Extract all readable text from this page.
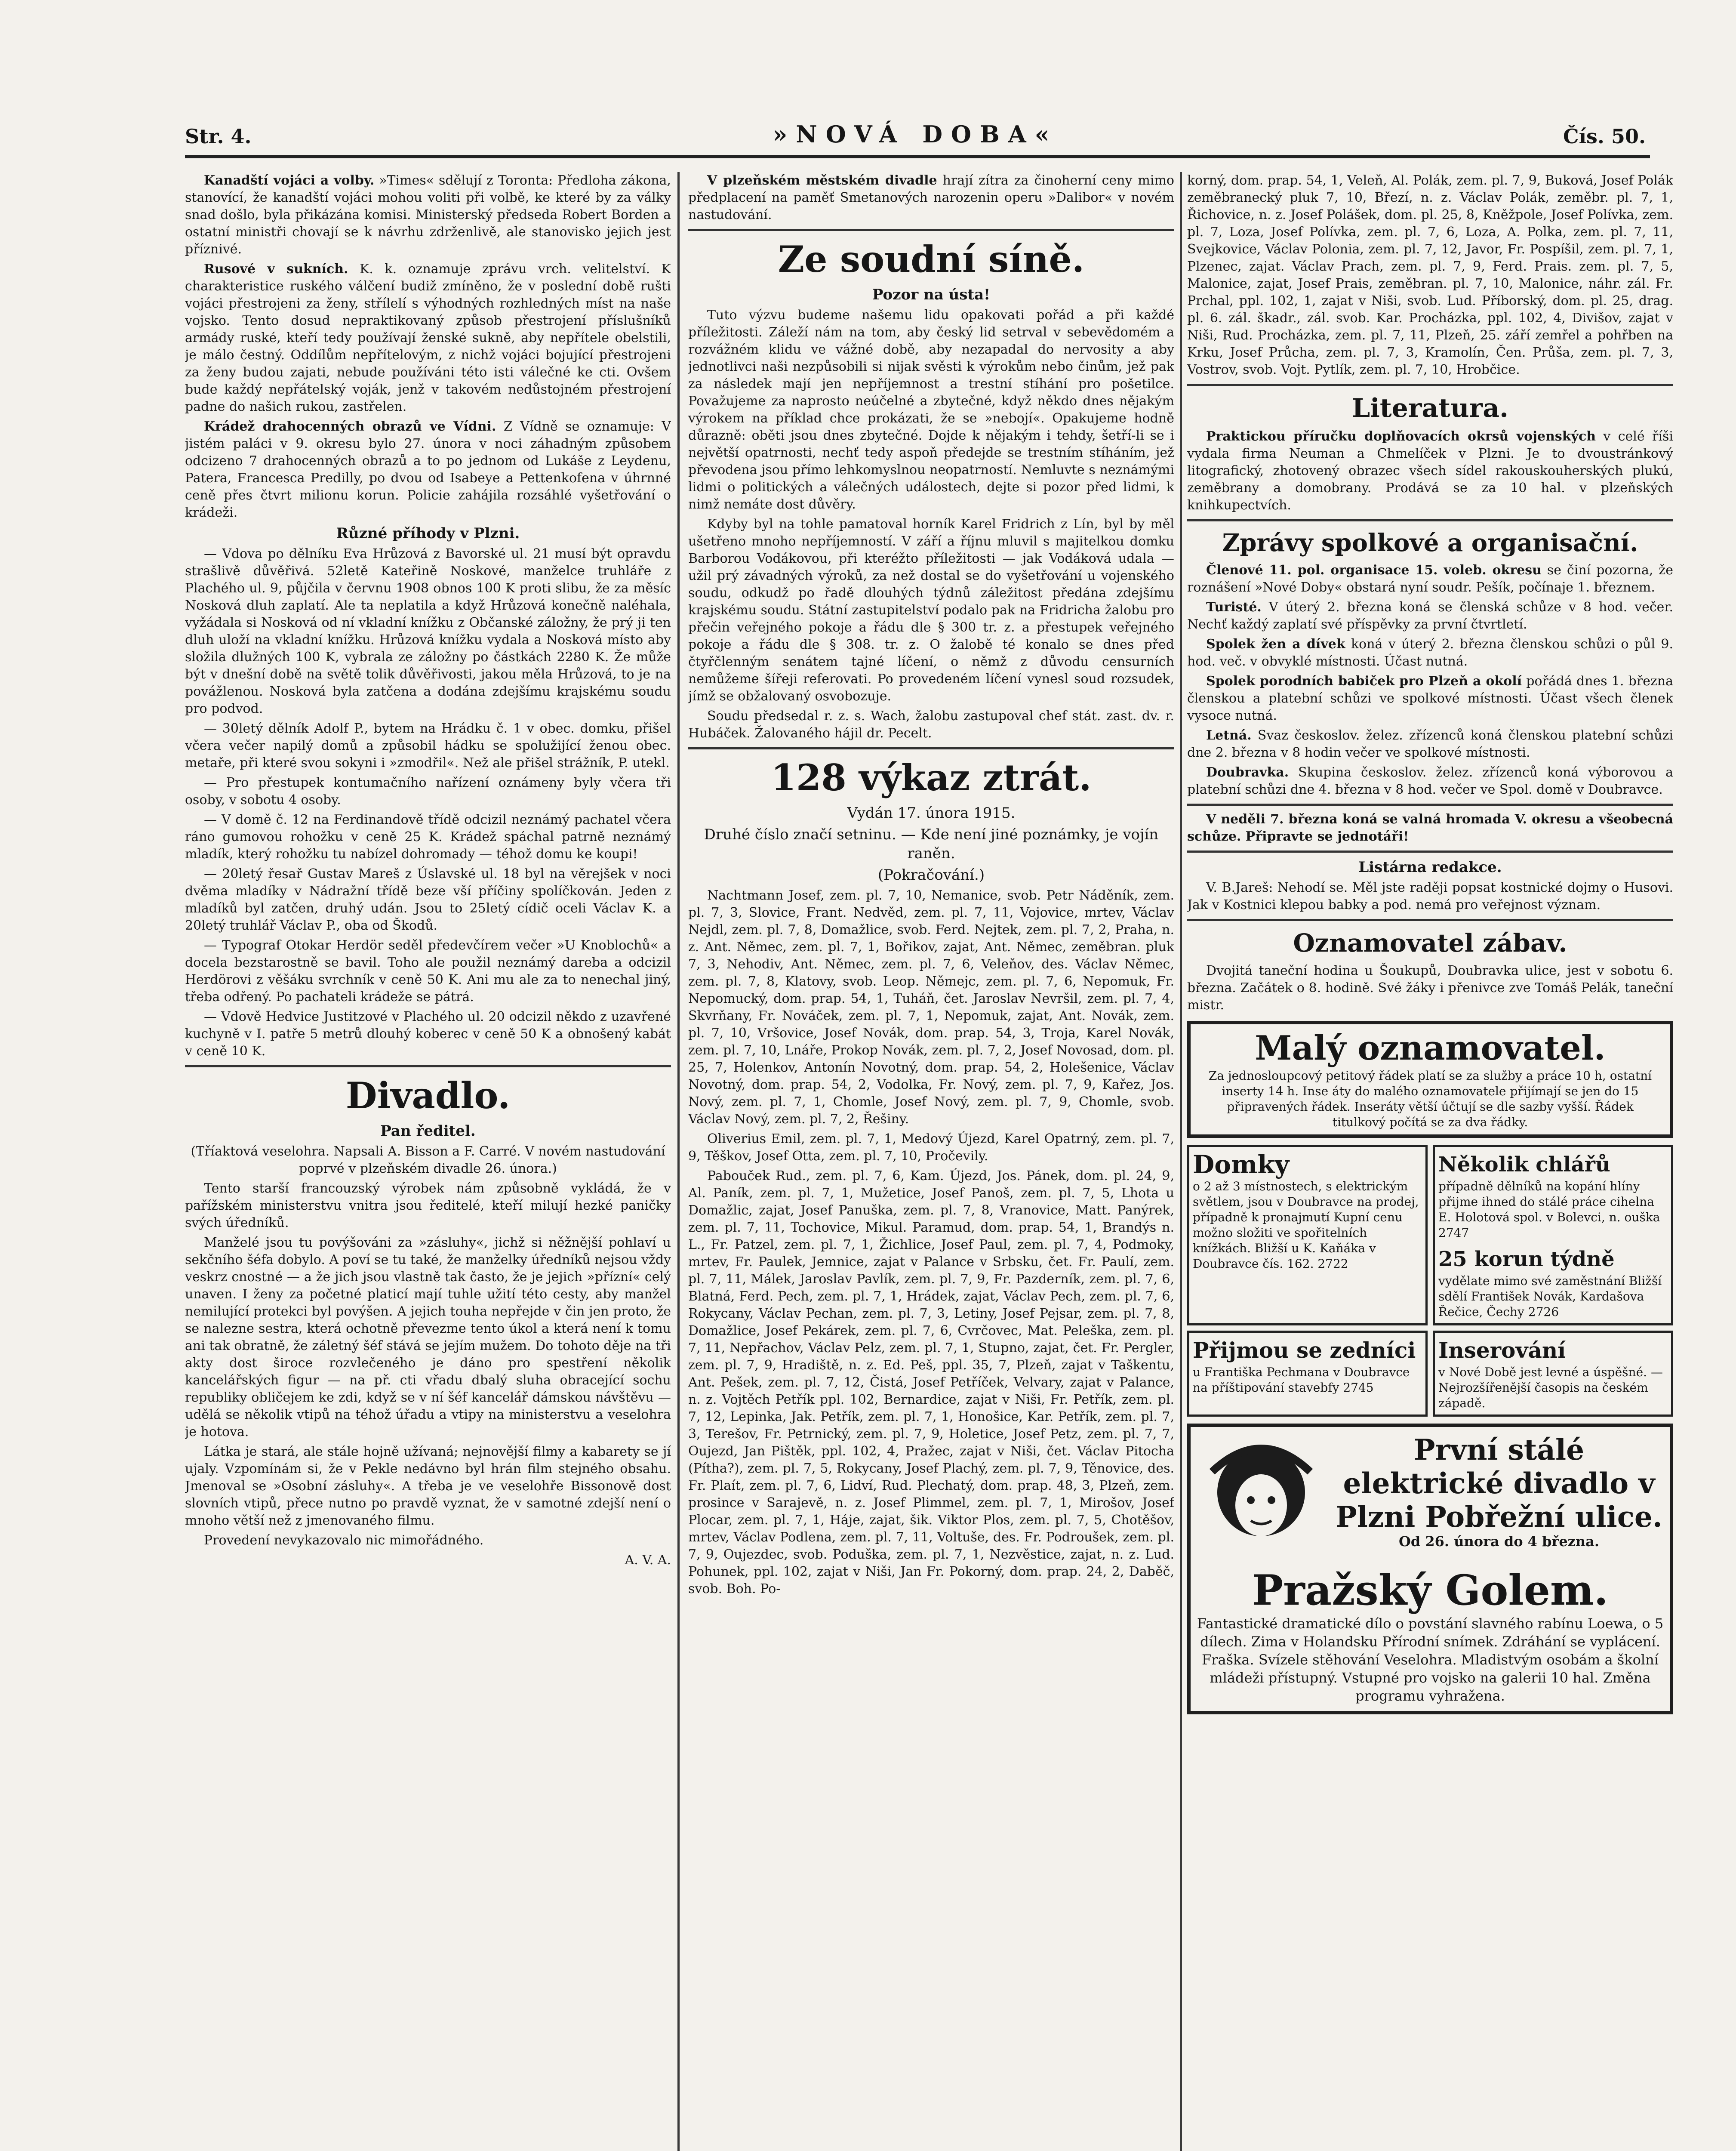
Str. 4.	»NOVÁ DOBA«	Čís. 50.

Kanadští vojáci a volby. »Times« sdělují z Toronta: Předloha zákona, stanovící, že kanadští vojáci mohou voliti při volbě, ke které by za války snad došlo, byla přikázána komisi. Ministerský předseda Robert Borden a ostatní ministři chovají se k návrhu zdrženlivě, ale stanovisko jejich jest příznivé.

Rusové v sukních. K. k. oznamuje zprávu vrch. velitelství. K charakteristice ruského válčení budiž zmíněno, že v poslední době rušti vojáci přestrojeni za ženy, střílelí s výhodných rozhledných míst na naše vojsko. Tento dosud nepraktikovaný způsob přestrojení příslušníků armády ruské, kteří tedy používají ženské sukně, aby nepřítele obelstili, je málo čestný. Oddílům nepřítelovým, z nichž vojáci bojující přestrojeni za ženy budou zajati, nebude používáni této isti válečné ke cti. Ovšem bude každý nepřátelský voják, jenž v takovém nedůstojném přestrojení padne do našich rukou, zastřelen.

Krádež drahocenných obrazů ve Vídni. Z Vídně se oznamuje: V jistém paláci v 9. okresu bylo 27. února v noci záhadným způsobem odcizeno 7 drahocenných obrazů a to po jednom od Lukáše z Leydenu, Patera, Francesca Predilly, po dvou od Isabeye a Pettenkofena v úhrnné ceně přes čtvrt milionu korun. Policie zahájila rozsáhlé vyšetřování o krádeži.

Různé příhody v Plzni.

— Vdova po dělníku Eva Hrůzová z Bavorské ul. 21 musí být opravdu strašlivě důvěřivá. 52letě Kateřině Noskové, manželce truhláře z Plachého ul. 9, půjčila v červnu 1908 obnos 100 K proti slibu, že za měsíc Nosková dluh zaplatí. Ale ta neplatila a když Hrůzová konečně naléhala, vyžádala si Nosková od ní vkladní knížku z Občanské záložny, že prý ji ten dluh uloží na vkladní knížku. Hrůzová knížku vydala a Nosková místo aby složila dlužných 100 K, vybrala ze záložny po částkách 2280 K. Že může být v dnešní době na světě tolik důvěřivosti, jakou měla Hrůzová, to je na povážlenou. Nosková byla zatčena a dodána zdejšímu krajskému soudu pro podvod.

— 30letý dělník Adolf P., bytem na Hrádku č. 1 v obec. domku, přišel včera večer napilý domů a způsobil hádku se spolužijící ženou obec. metaře, při které svou sokyni i »zmodřil«. Než ale přišel strážník, P. utekl.

— Pro přestupek kontumačního nařízení oznámeny byly včera tři osoby, v sobotu 4 osoby.

— V domě č. 12 na Ferdinandově třídě odcizil neznámý pachatel včera ráno gumovou rohožku v ceně 25 K. Krádež spáchal patrně neznámý mladík, který rohožku tu nabízel dohromady — téhož domu ke koupi!

— 20letý řesař Gustav Mareš z Úslavské ul. 18 byl na věrejšek v noci dvěma mladíky v Nádražní třídě beze vší příčiny spolíčkován. Jeden z mladíků byl zatčen, druhý udán. Jsou to 25letý cídič oceli Václav K. a 20letý truhlář Václav P., oba od Škodů.

— Typograf Otokar Herdör seděl předevčírem večer »U Knoblochů« a docela bezstarostně se bavil. Toho ale použil neznámý dareba a odcizil Herdörovi z věšáku svrchník v ceně 50 K. Ani mu ale za to nenechal jiný, třeba odřený. Po pachateli krádeže se pátrá.

— Vdově Hedvice Justitzové v Plachého ul. 20 odcizil někdo z uzavřené kuchyně v I. patře 5 metrů dlouhý koberec v ceně 50 K a obnošený kabát v ceně 10 K.

Divadlo.
Pan ředitel.

(Tříaktová veselohra. Napsali A. Bisson a F. Carré. V novém nastudování poprvé v plzeňském divadle 26. února.)

Tento starší francouzský výrobek nám způsobně vykládá, že v pařížském ministerstvu vnitra jsou ředitelé, kteří milují hezké paničky svých úředníků.

Manželé jsou tu povýšováni za »zásluhy«, jichž si něžnější pohlaví u sekčního šéfa dobylo. A poví se tu také, že manželky úředníků nejsou vždy veskrz cnostné — a že jich jsou vlastně tak často, že je jejich »přízní« celý unaven. I ženy za početné platicí mají tuhle užití této cesty, aby manžel nemilující protekci byl povýšen. A jejich touha nepřejde v čin jen proto, že se nalezne sestra, která ochotně převezme tento úkol a která není k tomu ani tak obratně, že záletný šéf stává se jejím mužem. Do tohoto děje na tři akty dost široce rozvlečeného je dáno pro spestření několik kancelářských figur — na př. cti vřadu dbalý sluha obracející sochu republiky obličejem ke zdi, když se v ní šéf kancelář dámskou návštěvu — udělá se několik vtipů na téhož úřadu a vtipy na ministerstvu a veselohra je hotova.

Látka je stará, ale stále hojně užívaná; nejnovější filmy a kabarety se jí ujaly. Vzpomínám si, že v Pekle nedávno byl hrán film stejného obsahu. Jmenoval se »Osobní zásluhy«. A třeba je ve veselohře Bissonově dost slovních vtipů, přece nutno po pravdě vyznat, že v samotné zdejší není o mnoho větší než z jmenovaného filmu.

Provedení nevykazovalo nic mimořádného.

A. V. A.

V plzeňském městském divadle hrají zítra za činoherní ceny mimo předplacení na paměť Smetanových narozenin operu »Dalibor« v novém nastudování.

Ze soudní síně.
Pozor na ústa!

Tuto výzvu budeme našemu lidu opakovati pořád a při každé příležitosti. Záleží nám na tom, aby český lid setrval v sebevědomém a rozvážném klidu ve vážné době, aby nezapadal do nervosity a aby jednotlivci naši nezpůsobili si nijak svěsti k výrokům nebo činům, jež pak za následek mají jen nepříjemnost a trestní stíhání pro pošetilce. Považujeme za naprosto neúčelné a zbytečné, když někdo dnes nějakým výrokem na příklad chce prokázati, že se »nebojí«. Opakujeme hodně důrazně: oběti jsou dnes zbytečné. Dojde k nějakým i tehdy, šetří-li se i největší opatrnosti, nechť tedy aspoň předejde se trestním stíháním, jež převodena jsou přímo lehkomyslnou neopatrností. Nemluvte s neznámými lidmi o politických a válečných událostech, dejte si pozor před lidmi, k nimž nemáte dost důvěry.

Kdyby byl na tohle pamatoval horník Karel Fridrich z Lín, byl by měl ušetřeno mnoho nepříjemností. V září a říjnu mluvil s majitelkou domku Barborou Vodákovou, při kteréžto příležitosti — jak Vodáková udala — užil prý závadných výroků, za než dostal se do vyšetřování u vojenského soudu, odkudž po řadě dlouhých týdnů záležitost předána zdejšímu krajskému soudu. Státní zastupitelství podalo pak na Fridricha žalobu pro přečin veřejného pokoje a řádu dle § 300 tr. z. a přestupek veřejného pokoje a řádu dle § 308. tr. z. O žalobě té konalo se dnes před čtyřčlenným senátem tajné líčení, o němž z důvodu censurních nemůžeme šířeji referovati. Po provedeném líčení vynesl soud rozsudek, jímž se obžalovaný osvobozuje.

Soudu předsedal r. z. s. Wach, žalobu zastupoval chef stát. zast. dv. r. Hubáček. Žalovaného hájil dr. Pecelt.

128 výkaz ztrát.
Vydán 17. února 1915.
Druhé číslo značí setninu. — Kde není jiné poznámky, je vojín raněn.
(Pokračování.)

Nachtmann Josef, zem. pl. 7, 10, Nemanice, svob. Petr Náděník, zem. pl. 7, 3, Slovice, Frant. Nedvěd, zem. pl. 7, 11, Vojovice, mrtev, Václav Nejdl, zem. pl. 7, 8, Domažlice, svob. Ferd. Nejtek, zem. pl. 7, 2, Praha, n. z. Ant. Němec, zem. pl. 7, 1, Bořikov, zajat, Ant. Němec, zeměbran. pluk 7, 3, Nehodiv, Ant. Němec, zem. pl. 7, 6, Veleňov, des. Václav Němec, zem. pl. 7, 8, Klatovy, svob. Leop. Němejc, zem. pl. 7, 6, Nepomuk, Fr. Nepomucký, dom. prap. 54, 1, Tuháň, čet. Jaroslav Nevršil, zem. pl. 7, 4, Skvrňany, Fr. Nováček, zem. pl. 7, 1, Nepomuk, zajat, Ant. Novák, zem. pl. 7, 10, Vršovice, Josef Novák, dom. prap. 54, 3, Troja, Karel Novák, zem. pl. 7, 10, Lnáře, Prokop Novák, zem. pl. 7, 2, Josef Novosad, dom. pl. 25, 7, Holenkov, Antonín Novotný, dom. prap. 54, 2, Holešenice, Václav Novotný, dom. prap. 54, 2, Vodolka, Fr. Nový, zem. pl. 7, 9, Kařez, Jos. Nový, zem. pl. 7, 1, Chomle, Josef Nový, zem. pl. 7, 9, Chomle, svob. Václav Nový, zem. pl. 7, 2, Řešiny.

Oliverius Emil, zem. pl. 7, 1, Medový Újezd, Karel Opatrný, zem. pl. 7, 9, Těškov, Josef Otta, zem. pl. 7, 10, Pročevily.

Pabouček Rud., zem. pl. 7, 6, Kam. Újezd, Jos. Pánek, dom. pl. 24, 9, Al. Paník, zem. pl. 7, 1, Mužetice, Josef Panoš, zem. pl. 7, 5, Lhota u Domažlic, zajat, Josef Panuška, zem. pl. 7, 8, Vranovice, Matt. Panýrek, zem. pl. 7, 11, Tochovice, Mikul. Paramud, dom. prap. 54, 1, Brandýs n. L., Fr. Patzel, zem. pl. 7, 1, Žichlice, Josef Paul, zem. pl. 7, 4, Podmoky, mrtev, Fr. Paulek, Jemnice, zajat v Palance v Srbsku, čet. Fr. Paulí, zem. pl. 7, 11, Málek, Jaroslav Pavlík, zem. pl. 7, 9, Fr. Pazderník, zem. pl. 7, 6, Blatná, Ferd. Pech, zem. pl. 7, 1, Hrádek, zajat, Václav Pech, zem. pl. 7, 6, Rokycany, Václav Pechan, zem. pl. 7, 3, Letiny, Josef Pejsar, zem. pl. 7, 8, Domažlice, Josef Pekárek, zem. pl. 7, 6, Cvrčovec, Mat. Peleška, zem. pl. 7, 11, Nepřachov, Václav Pelz, zem. pl. 7, 1, Stupno, zajat, čet. Fr. Pergler, zem. pl. 7, 9, Hradiště, n. z. Ed. Peš, ppl. 35, 7, Plzeň, zajat v Taškentu, Ant. Pešek, zem. pl. 7, 12, Čistá, Josef Petříček, Velvary, zajat v Palance, n. z. Vojtěch Petřík ppl. 102, Bernardice, zajat v Niši, Fr. Petřík, zem. pl. 7, 12, Lepinka, Jak. Petřík, zem. pl. 7, 1, Honošice, Kar. Petřík, zem. pl. 7, 3, Terešov, Fr. Petrnický, zem. pl. 7, 9, Holetice, Josef Petz, zem. pl. 7, 7, Oujezd, Jan Pištěk, ppl. 102, 4, Pražec, zajat v Niši, čet. Václav Pitocha (Pítha?), zem. pl. 7, 5, Rokycany, Josef Plachý, zem. pl. 7, 9, Těnovice, des. Fr. Plaít, zem. pl. 7, 6, Lidví, Rud. Plechatý, dom. prap. 48, 3, Plzeň, zem. prosince v Sarajevě, n. z. Josef Plimmel, zem. pl. 7, 1, Mirošov, Josef Plocar, zem. pl. 7, 1, Háje, zajat, šik. Viktor Plos, zem. pl. 7, 5, Chotěšov, mrtev, Václav Podlena, zem. pl. 7, 11, Voltuše, des. Fr. Podroušek, zem. pl. 7, 9, Oujezdec, svob. Poduška, zem. pl. 7, 1, Nezvěstice, zajat, n. z. Lud. Pohunek, ppl. 102, zajat v Niši, Jan Fr. Pokorný, dom. prap. 24, 2, Daběč, svob. Boh. Po-

korný, dom. prap. 54, 1, Veleň, Al. Polák, zem. pl. 7, 9, Buková, Josef Polák zeměbranecký pluk 7, 10, Březí, n. z. Václav Polák, zeměbr. pl. 7, 1, Řichovice, n. z. Josef Polášek, dom. pl. 25, 8, Kněžpole, Josef Polívka, zem. pl. 7, Loza, Josef Polívka, zem. pl. 7, 6, Loza, A. Polka, zem. pl. 7, 11, Svejkovice, Václav Polonia, zem. pl. 7, 12, Javor, Fr. Pospíšil, zem. pl. 7, 1, Plzenec, zajat. Václav Prach, zem. pl. 7, 9, Ferd. Prais. zem. pl. 7, 5, Malonice, zajat, Josef Prais, zeměbran. pl. 7, 10, Malonice, náhr. zál. Fr. Prchal, ppl. 102, 1, zajat v Niši, svob. Lud. Příborský, dom. pl. 25, drag. pl. 6. zál. škadr., zál. svob. Kar. Procházka, ppl. 102, 4, Divišov, zajat v Niši, Rud. Procházka, zem. pl. 7, 11, Plzeň, 25. září zemřel a pohřben na Krku, Josef Průcha, zem. pl. 7, 3, Kramolín, Čen. Průša, zem. pl. 7, 3, Vostrov, svob. Vojt. Pytlík, zem. pl. 7, 10, Hrobčice.

Literatura.

Praktickou příručku doplňovacích okrsů vojenských v celé říši vydala firma Neuman a Chmelíček v Plzni. Je to dvoustránkový litografický, zhotovený obrazec všech sídel rakouskouherských plukú, zeměbrany a domobrany. Prodává se za 10 hal. v plzeňských knihkupectvích.

Zprávy spolkové a organisační.

Členové 11. pol. organisace 15. voleb. okresu se činí pozorna, že roznášení »Nové Doby« obstará nyní soudr. Pešík, počínaje 1. březnem.

Turisté. V úterý 2. března koná se členská schůze v 8 hod. večer. Nechť každý zaplatí své příspěvky za první čtvrtletí.

Spolek žen a dívek koná v úterý 2. března členskou schůzi o půl 9. hod. več. v obvyklé místnosti. Účast nutná.

Spolek porodních babiček pro Plzeň a okolí pořádá dnes 1. března členskou a platební schůzi ve spolkové místnosti. Účast všech členek vysoce nutná.

Letná. Svaz českoslov. želez. zřízenců koná členskou platební schůzi dne 2. března v 8 hodin večer ve spolkové místnosti.

Doubravka. Skupina českoslov. želez. zřízenců koná výborovou a platební schůzi dne 4. března v 8 hod. večer ve Spol. domě v Doubravce.

V neděli 7. března koná se valná hromada V. okresu a všeobecná schůze. Připravte se jednotáři!

Listárna redakce.

V. B.Jareš: Nehodí se. Měl jste raději popsat kostnické dojmy o Husovi. Jak v Kostnici klepou babky a pod. nemá pro veřejnost význam.

Oznamovatel zábav.

Dvojitá taneční hodina u Šoukupů, Doubravka ulice, jest v sobotu 6. března. Začátek o 8. hodině. Své žáky i přenivce zve Tomáš Pelák, taneční mistr.

Malý oznamovatel.
Za jednosloupcový petitový řádek platí se za služby a práce 10 h, ostatní inserty 14 h. Inse áty do malého oznamovatele přijímají se jen do 15 připravených řádek. Inseráty větší účtují se dle sazby vyšší. Řádek titulkový počítá se za dva řádky.
Domky
o 2 až 3 místnostech, s elektrickým světlem, jsou v Doubravce na prodej, případně k pronajmutí Kupní cenu možno složiti ve spořitelních knížkách. Bližší u K. Kaňáka v Doubravce čís. 162. 2722
Několik chlářů
případně dělníků na kopání hlíny přijme ihned do stálé práce cihelna E. Holotová spol. v Bolevci, n. ouška 2747
25 korun týdně
vydělate mimo své zaměstnání Bližší sdělí František Novák, Kardašova Řečice, Čechy 2726
Přijmou se zedníci
u Františka Pechmana v Doubravce na příštipování stavebfy 2745
Inserování
v Nové Době jest levné a úspěšné. — Nejrozšířenější časopis na českém západě.
První stálé elektrické divadlo v Plzni Pobřežní ulice.
Od 26. února do 4 března.
Pražský Golem.
Fantastické dramatické dílo o povstání slavného rabínu Loewa, o 5 dílech. Zima v Holandsku Přírodní snímek. Zdráhání se vyplácení. Fraška. Svízele stěhování Veselohra. Mladistvým osobám a školní mládeži přístupný. Vstupné pro vojsko na galerii 10 hal. Změna programu vyhražena.
